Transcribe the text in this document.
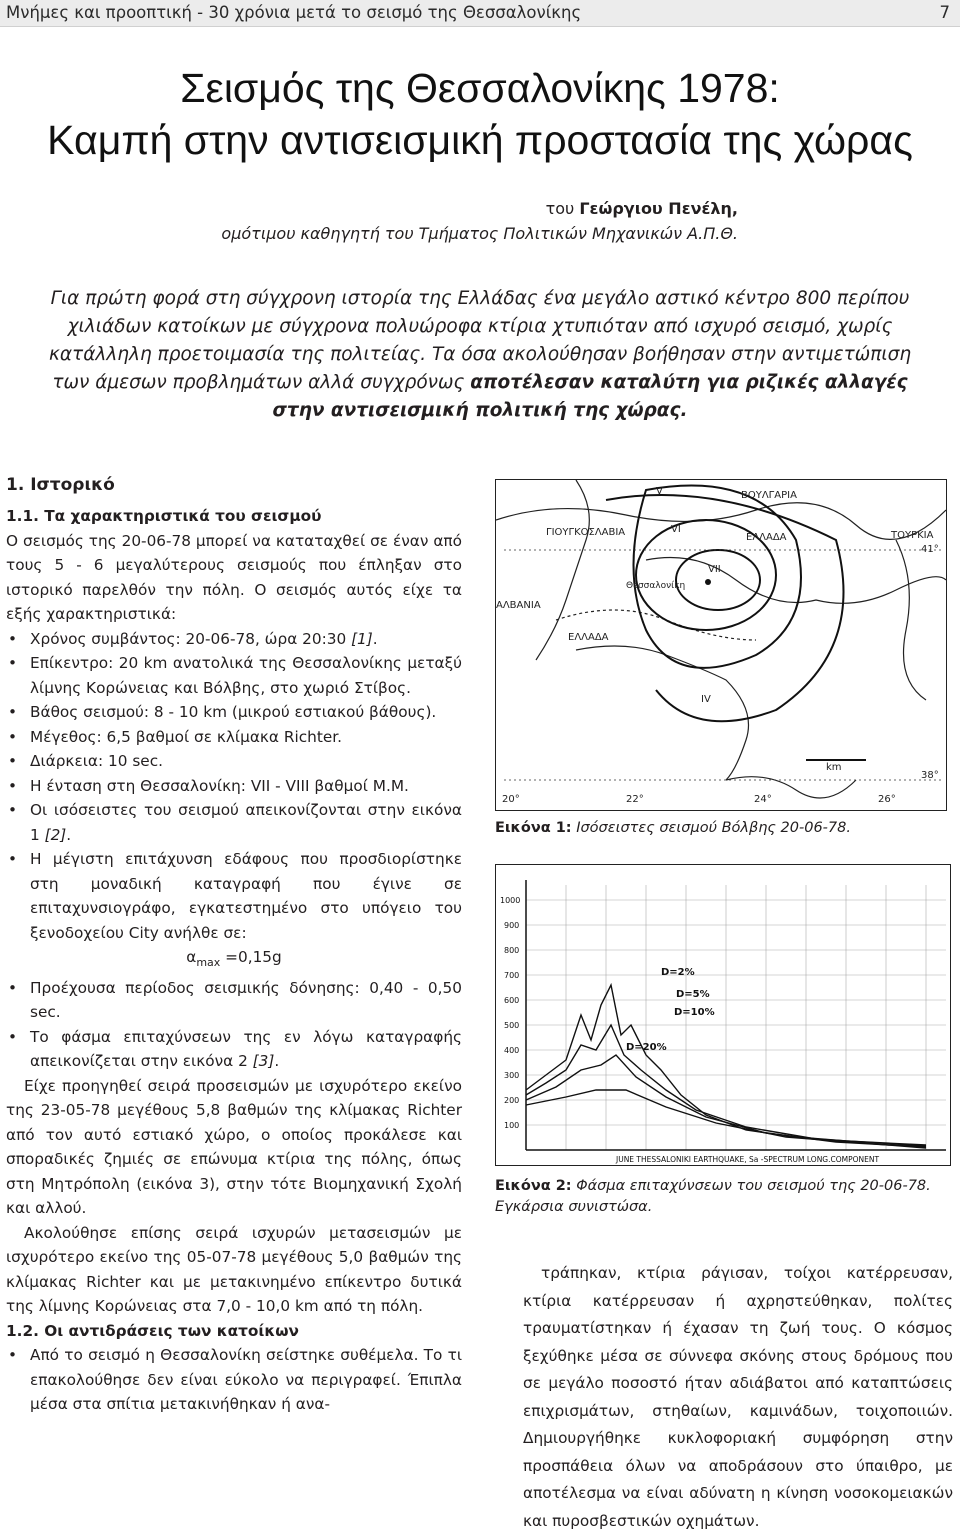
Μνήμες και προοπτική - 30 χρόνια μετά το σεισμό της Θεσσαλονίκης	7
Σεισμός της Θεσσαλονίκης 1978:
Καμπή στην αντισεισμική προστασία της χώρας
του Γεώργιου Πενέλη,
ομότιμου καθηγητή του Τμήματος Πολιτικών Μηχανικών Α.Π.Θ.
Για πρώτη φορά στη σύγχρονη ιστορία της Ελλάδας ένα μεγάλο αστικό κέντρο 800 περίπου χιλιάδων κατοίκων με σύγχρονα πολυώροφα κτίρια χτυπιόταν από ισχυρό σεισμό, χωρίς κατάλληλη προετοιμασία της πολιτείας. Τα όσα ακολούθησαν βοήθησαν στην αντιμετώπιση των άμεσων προβλημάτων αλλά συγχρόνως αποτέλεσαν καταλύτη για ριζικές αλλαγές στην αντισεισμική πολιτική της χώρας.
1. Ιστορικό

1.1. Τα χαρακτηριστικά του σεισμού

Ο σεισμός της 20-06-78 μπορεί να καταταχθεί σε έναν από τους 5 - 6 μεγαλύτερους σεισμούς που έπληξαν στο ιστορικό παρελθόν την πόλη. Ο σεισμός αυτός είχε τα εξής χαρακτηριστικά:

• Χρόνος συμβάντος: 20-06-78, ώρα 20:30 [1].
• Επίκεντρο: 20 km ανατολικά της Θεσσαλονίκης μεταξύ λίμνης Κορώνειας και Βόλβης, στο χωριό Στίβος.
• Βάθος σεισμού: 8 - 10 km (μικρού εστιακού βάθους).
• Μέγεθος: 6,5 βαθμοί σε κλίμακα Richter.
• Διάρκεια: 10 sec.
• Η ένταση στη Θεσσαλονίκη: VII - VIII βαθμοί Μ.Μ.
• Οι ισόσειστες του σεισμού απεικονίζονται στην εικόνα 1 [2].
• Η μέγιστη επιτάχυνση εδάφους που προσδιορίστηκε στη μοναδική καταγραφή που έγινε σε επιταχυνσιογράφο, εγκατεστημένο στο υπόγειο του ξενοδοχείου City ανήλθε σε:

$\alpha_{max} =0,15g$

• Προέχουσα περίοδος σεισμικής δόνησης: 0,40 - 0,50 sec.
• Το φάσμα επιταχύνσεων της εν λόγω καταγραφής απεικονίζεται στην εικόνα 2 [3].

Είχε προηγηθεί σειρά προσεισμών με ισχυρότερο εκείνο της 23-05-78 μεγέθους 5,8 βαθμών της κλίμακας Richter από τον αυτό εστιακό χώρο, ο οποίος προκάλεσε και σποραδικές ζημιές σε επώνυμα κτίρια της πόλης, όπως στη Μητρόπολη (εικόνα 3), στην τότε Βιομηχανική Σχολή και αλλού.

Ακολούθησε επίσης σειρά ισχυρών μετασεισμών με ισχυρότερο εκείνο της 05-07-78 μεγέθους 5,0 βαθμών της κλίμακας Richter και με μετακινημένο επίκεντρο δυτικά της λίμνης Κορώνειας στα 7,0 - 10,0 km από τη πόλη.

1.2. Οι αντιδράσεις των κατοίκων

• Από το σεισμό η Θεσσαλονίκη σείστηκε συθέμελα. Το τι επακολούθησε δεν είναι εύκολο να περιγραφεί. Έπιπλα μέσα στα σπίτια μετακινήθηκαν ή ανα-

τράπηκαν, κτίρια ράγισαν, τοίχοι κατέρρευσαν, κτίρια κατέρρευσαν ή αχρηστεύθηκαν, πολίτες τραυματίστηκαν ή έχασαν τη ζωή τους. Ο κόσμος ξεχύθηκε μέσα σε σύννεφα σκόνης στους δρόμους που σε μεγάλο ποσοστό ήταν αδιάβατοι από καταπτώσεις επιχρισμάτων, στηθαίων, καμινάδων, τοιχοποιιών. Δημιουργήθηκε κυκλοφοριακή συμφόρηση στην προσπάθεια όλων να αποδράσουν στο ύπαιθρο, με αποτέλεσμα να είναι αδύνατη η κίνηση νοσοκομειακών και πυροσβεστικών οχημάτων.

ΒΟΥΛΓΑΡΙΑ
ΓΙΟΥΓΚΟΣΛΑΒΙΑ	ΕΛΛΑΔΑ	ΤΟΥΡΚΙΑ
ΑΛΒΑΝΙΑ
ΕΛΛΑΔΑ
Θεσσαλονίκη
V
VI
VII
IV
41°
38°
20°	22°	24°	26°
km
Εικόνα 1: Ισόσειστες σεισμού Βόλβης 20-06-78.
1000
900
800
700
600
500
400
300
200
100
JUNE THESSALONIKI EARTHQUAKE, Sa -SPECTRUM LONG.COMPONENT
D=2%
D=5%
D=10%
D=20%
Εικόνα 2: Φάσμα επιταχύνσεων του σεισμού της 20-06-78. Εγκάρσια συνιστώσα.
